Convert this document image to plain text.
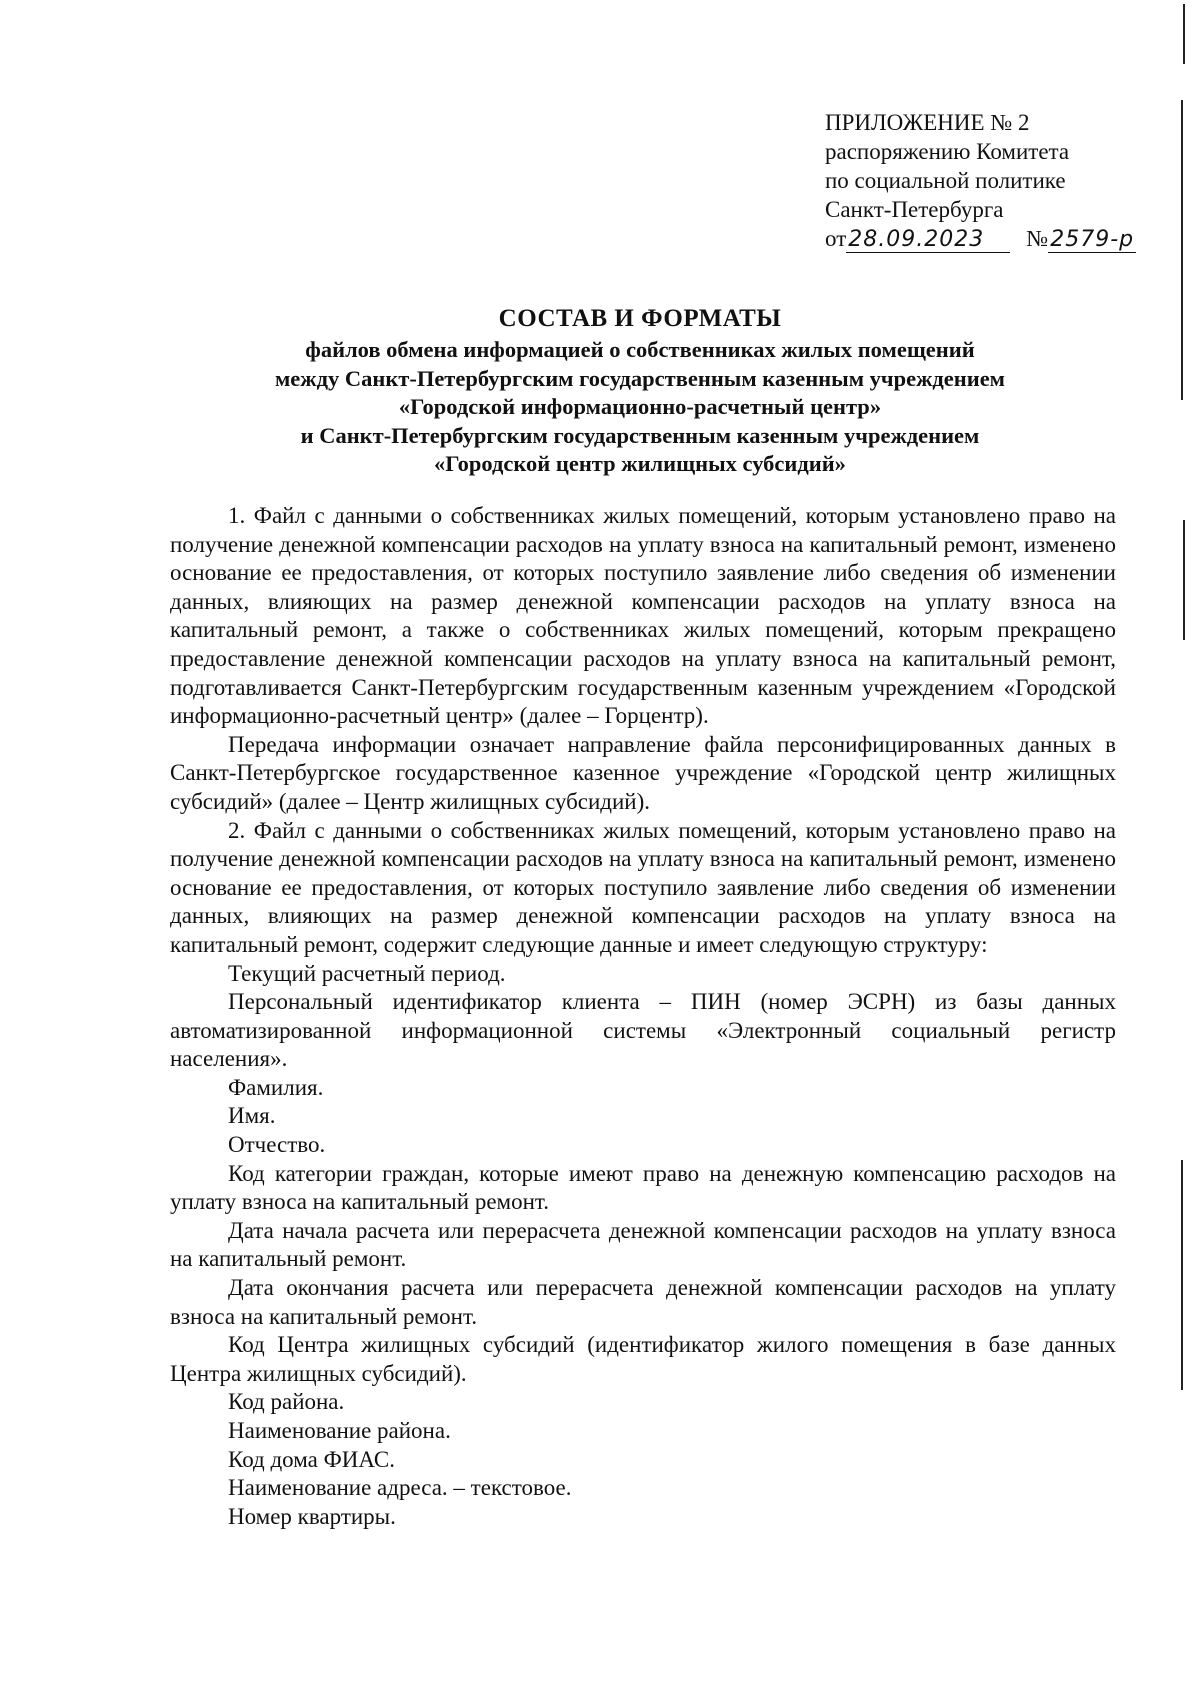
ПРИЛОЖЕНИЕ № 2
распоряжению Комитета
по социальной политике
Санкт-Петербурга
от 28.09.2023	№ 2579-р
СОСТАВ И ФОРМАТЫ
файлов обмена информацией о собственниках жилых помещений
между Санкт-Петербургским государственным казенным учреждением
«Городской информационно-расчетный центр»
и Санкт-Петербургским государственным казенным учреждением
«Городской центр жилищных субсидий»

1. Файл с данными о собственниках жилых помещений, которым установлено право на получение денежной компенсации расходов на уплату взноса на капитальный ремонт, изменено основание ее предоставления, от которых поступило заявление либо сведения об изменении данных, влияющих на размер денежной компенсации расходов на уплату взноса на капитальный ремонт, а также о собственниках жилых помещений, которым прекращено предоставление денежной компенсации расходов на уплату взноса на капитальный ремонт, подготавливается Санкт-Петербургским государственным казенным учреждением «Городской информационно-расчетный центр» (далее – Горцентр).

Передача информации означает направление файла персонифицированных данных в Санкт-Петербургское государственное казенное учреждение «Городской центр жилищных субсидий» (далее – Центр жилищных субсидий).

2. Файл с данными о собственниках жилых помещений, которым установлено право на получение денежной компенсации расходов на уплату взноса на капитальный ремонт, изменено основание ее предоставления, от которых поступило заявление либо сведения об изменении данных, влияющих на размер денежной компенсации расходов на уплату взноса на капитальный ремонт, содержит следующие данные и имеет следующую структуру:

Текущий расчетный период.

Персональный идентификатор клиента – ПИН (номер ЭСРН) из базы данных автоматизированной информационной системы «Электронный социальный регистр населения».

Фамилия.

Имя.

Отчество.

Код категории граждан, которые имеют право на денежную компенсацию расходов на уплату взноса на капитальный ремонт.

Дата начала расчета или перерасчета денежной компенсации расходов на уплату взноса на капитальный ремонт.

Дата окончания расчета или перерасчета денежной компенсации расходов на уплату взноса на капитальный ремонт.

Код Центра жилищных субсидий (идентификатор жилого помещения в базе данных Центра жилищных субсидий).

Код района.

Наименование района.

Код дома ФИАС.

Наименование адреса. – текстовое.

Номер квартиры.
